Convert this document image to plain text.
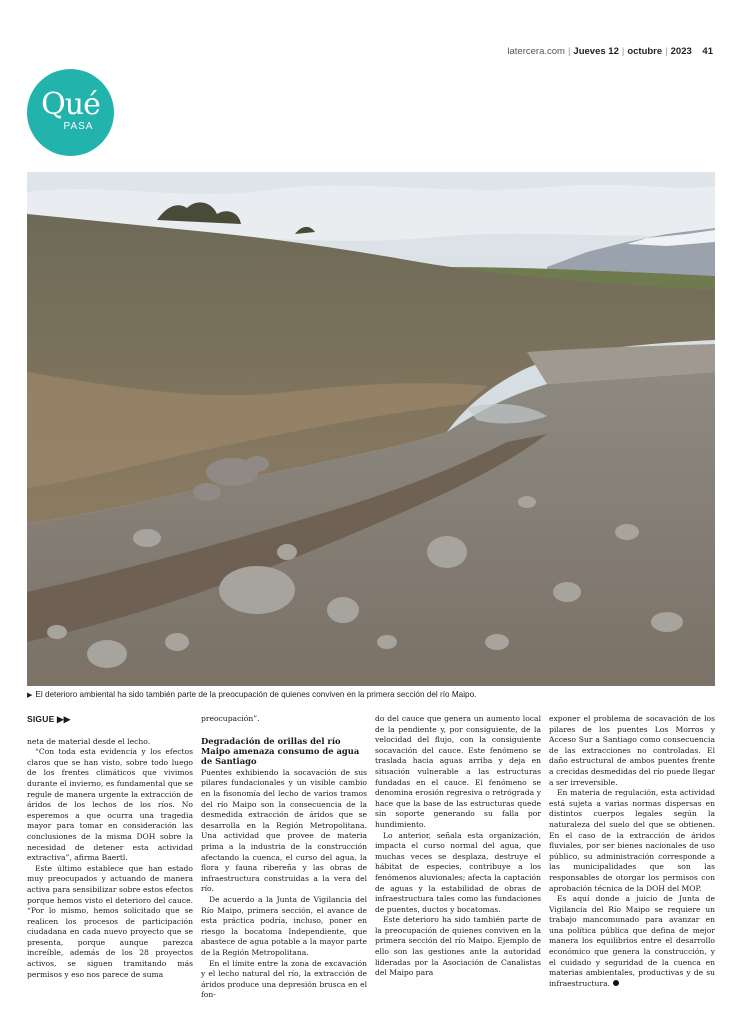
latercera.com | Jueves 12 | octubre | 2023 41
Qué
PASA
▶ El deterioro ambiental ha sido también parte de la preocupación de quienes conviven en la primera sección del río Maipo.
SIGUE ▶▶

neta de material desde el lecho.

“Con toda esta evidencia y los efectos claros que se han visto, sobre todo luego de los frentes climáticos que vivimos durante el invierno, es fundamental que se regule de manera urgente la extracción de áridos de los lechos de los ríos. No esperemos a que ocurra una tragedia mayor para tomar en consideración las conclusiones de la misma DOH sobre la necesidad de detener esta actividad extractiva”, afirma Baertl.

Este último establece que han estado muy preocupados y actuando de manera activa para sensibilizar sobre estos efectos porque hemos visto el deterioro del cauce. “Por lo mismo, hemos solicitado que se realicen los procesos de participación ciudadana en cada nuevo proyecto que se presenta, porque aunque parezca increíble, además de los 28 proyectos activos, se siguen tramitando más permisos y eso nos parece de suma

preocupación”.

Degradación de orillas del río Maipo amenaza consumo de agua de Santiago

Puentes exhibiendo la socavación de sus pilares fundacionales y un visible cambio en la fisonomía del lecho de varios tramos del río Maipo son la consecuencia de la desmedida extracción de áridos que se desarrolla en la Región Metropolitana. Una actividad que provee de materia prima a la industria de la construcción afectando la cuenca, el curso del agua, la flora y fauna ribereña y las obras de infraestructura construidas a la vera del río.

De acuerdo a la Junta de Vigilancia del Río Maipo, primera sección, el avance de esta práctica podría, incluso, poner en riesgo la bocatoma Independiente, que abastece de agua potable a la mayor parte de la Región Metropolitana.

En el límite entre la zona de excavación y el lecho natural del río, la extracción de áridos produce una depresión brusca en el fon-

do del cauce que genera un aumento local de la pendiente y, por consiguiente, de la velocidad del flujo, con la consiguiente socavación del cauce. Este fenómeno se traslada hacia aguas arriba y deja en situación vulnerable a las estructuras fundadas en el cauce. El fenómeno se denomina erosión regresiva o retrógrada y hace que la base de las estructuras quede sin soporte generando su falla por hundimiento.

Lo anterior, señala esta organización, impacta el curso normal del agua, que muchas veces se desplaza, destruye el hábitat de especies, contribuye a los fenómenos aluvionales; afecta la captación de aguas y la estabilidad de obras de infraestructura tales como las fundaciones de puentes, ductos y bocatomas.

Este deterioro ha sido también parte de la preocupación de quienes conviven en la primera sección del río Maipo. Ejemplo de ello son las gestiones ante la autoridad lideradas por la Asociación de Canalistas del Maipo para

exponer el problema de socavación de los pilares de los puentes Los Morros y Acceso Sur a Santiago como consecuencia de las extracciones no controladas. El daño estructural de ambos puentes frente a crecidas desmedidas del río puede llegar a ser irreversible.

En materia de regulación, esta actividad está sujeta a varias normas dispersas en distintos cuerpos legales según la naturaleza del suelo del que se obtienen. En el caso de la extracción de áridos fluviales, por ser bienes nacionales de uso público, su administración corresponde a las municipalidades que son las responsables de otorgar los permisos con aprobación técnica de la DOH del MOP.

Es aquí donde a juicio de Junta de Vigilancia del Río Maipo se requiere un trabajo mancomunado para avanzar en una política pública que defina de mejor manera los equilibrios entre el desarrollo económico que genera la construcción, y el cuidado y seguridad de la cuenca en materias ambientales, productivas y de su infraestructura.
